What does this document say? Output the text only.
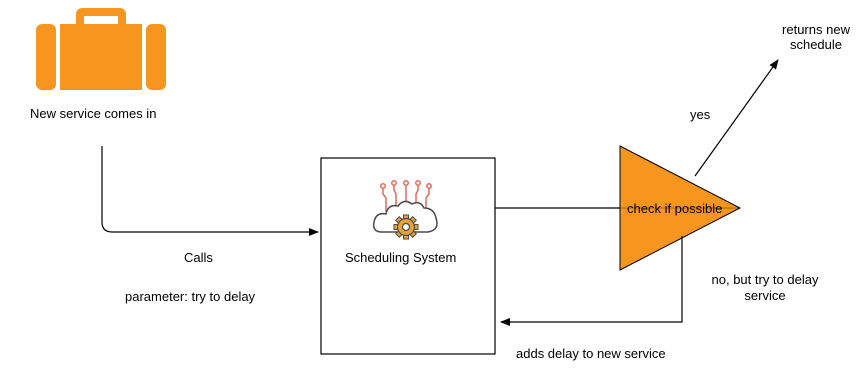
New service comes in
Calls
parameter: try to delay
Scheduling System
check if possible
yes
returns new
schedule
no, but try to delay
service
adds delay to new service
